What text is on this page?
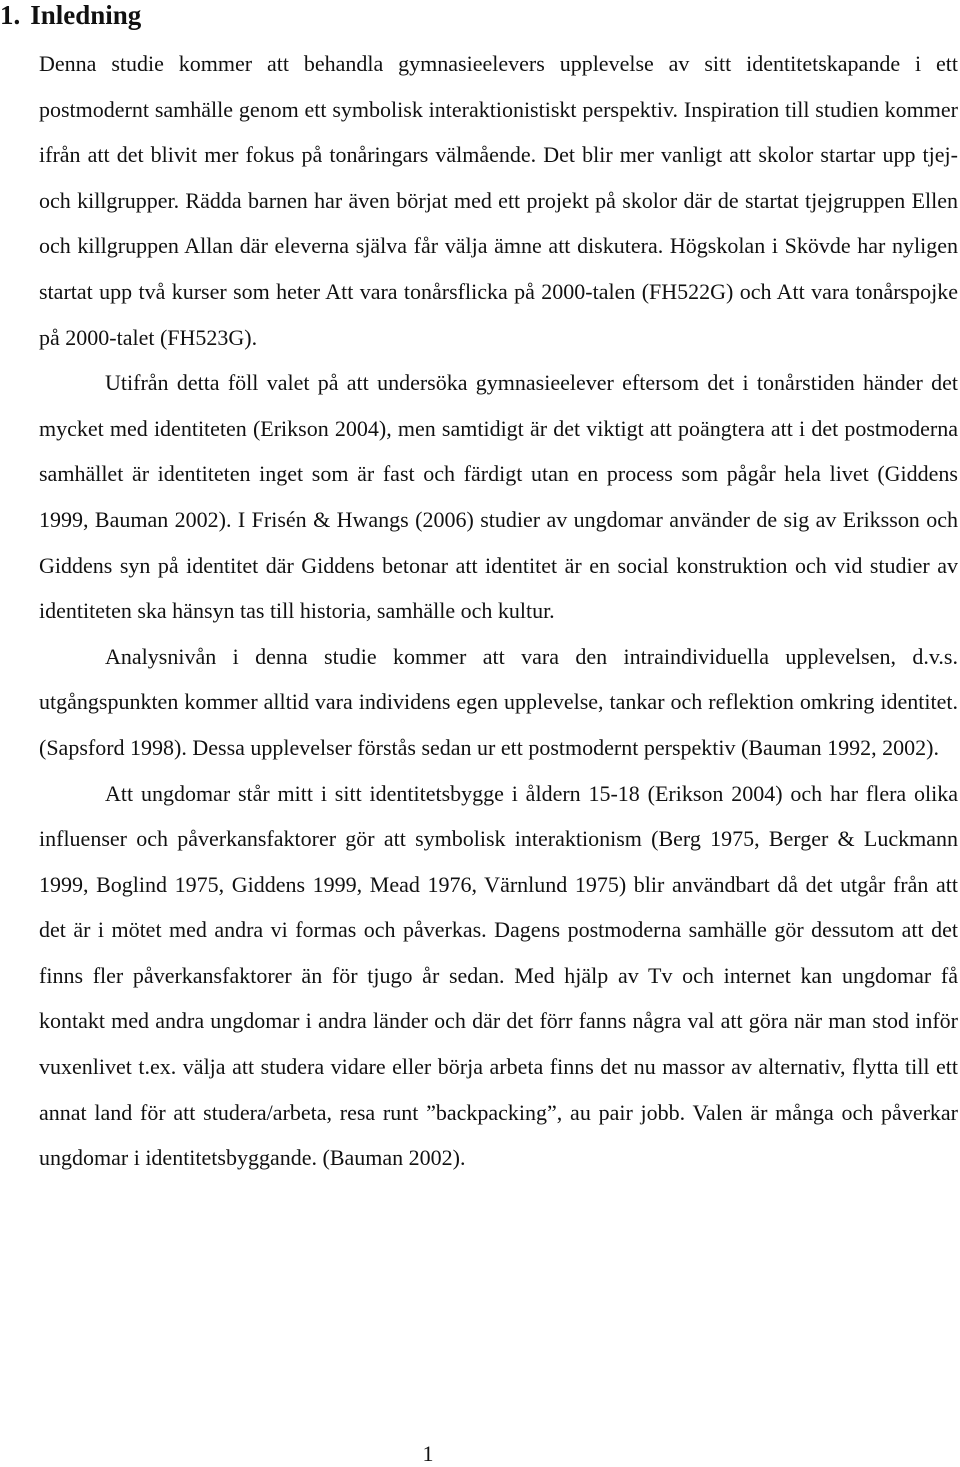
1. Inledning

Denna studie kommer att behandla gymnasieelevers upplevelse av sitt identitetskapande i ett postmodernt samhälle genom ett symbolisk interaktionistiskt perspektiv. Inspiration till studien kommer ifrån att det blivit mer fokus på tonåringars välmående. Det blir mer vanligt att skolor startar upp tjej- och killgrupper. Rädda barnen har även börjat med ett projekt på skolor där de startat tjejgruppen Ellen och killgruppen Allan där eleverna själva får välja ämne att diskutera. Högskolan i Skövde har nyligen startat upp två kurser som heter Att vara tonårsflicka på 2000-talen (FH522G) och Att vara tonårspojke på 2000-talet (FH523G).

Utifrån detta föll valet på att undersöka gymnasieelever eftersom det i tonårstiden händer det mycket med identiteten (Erikson 2004), men samtidigt är det viktigt att poängtera att i det postmoderna samhället är identiteten inget som är fast och färdigt utan en process som pågår hela livet (Giddens 1999, Bauman 2002). I Frisén & Hwangs (2006) studier av ungdomar använder de sig av Eriksson och Giddens syn på identitet där Giddens betonar att identitet är en social konstruktion och vid studier av identiteten ska hänsyn tas till historia, samhälle och kultur.

Analysnivån i denna studie kommer att vara den intraindividuella upplevelsen, d.v.s. utgångspunkten kommer alltid vara individens egen upplevelse, tankar och reflektion omkring identitet. (Sapsford 1998). Dessa upplevelser förstås sedan ur ett postmodernt perspektiv (Bauman 1992, 2002).

Att ungdomar står mitt i sitt identitetsbygge i åldern 15-18 (Erikson 2004) och har flera olika influenser och påverkansfaktorer gör att symbolisk interaktionism (Berg 1975, Berger & Luckmann 1999, Boglind 1975, Giddens 1999, Mead 1976, Värnlund 1975) blir användbart då det utgår från att det är i mötet med andra vi formas och påverkas. Dagens postmoderna samhälle gör dessutom att det finns fler påverkansfaktorer än för tjugo år sedan. Med hjälp av Tv och internet kan ungdomar få kontakt med andra ungdomar i andra länder och där det förr fanns några val att göra när man stod inför vuxenlivet t.ex. välja att studera vidare eller börja arbeta finns det nu massor av alternativ, flytta till ett annat land för att studera/arbeta, resa runt ”backpacking”, au pair jobb. Valen är många och påverkar ungdomar i identitetsbyggande. (Bauman 2002).

1
